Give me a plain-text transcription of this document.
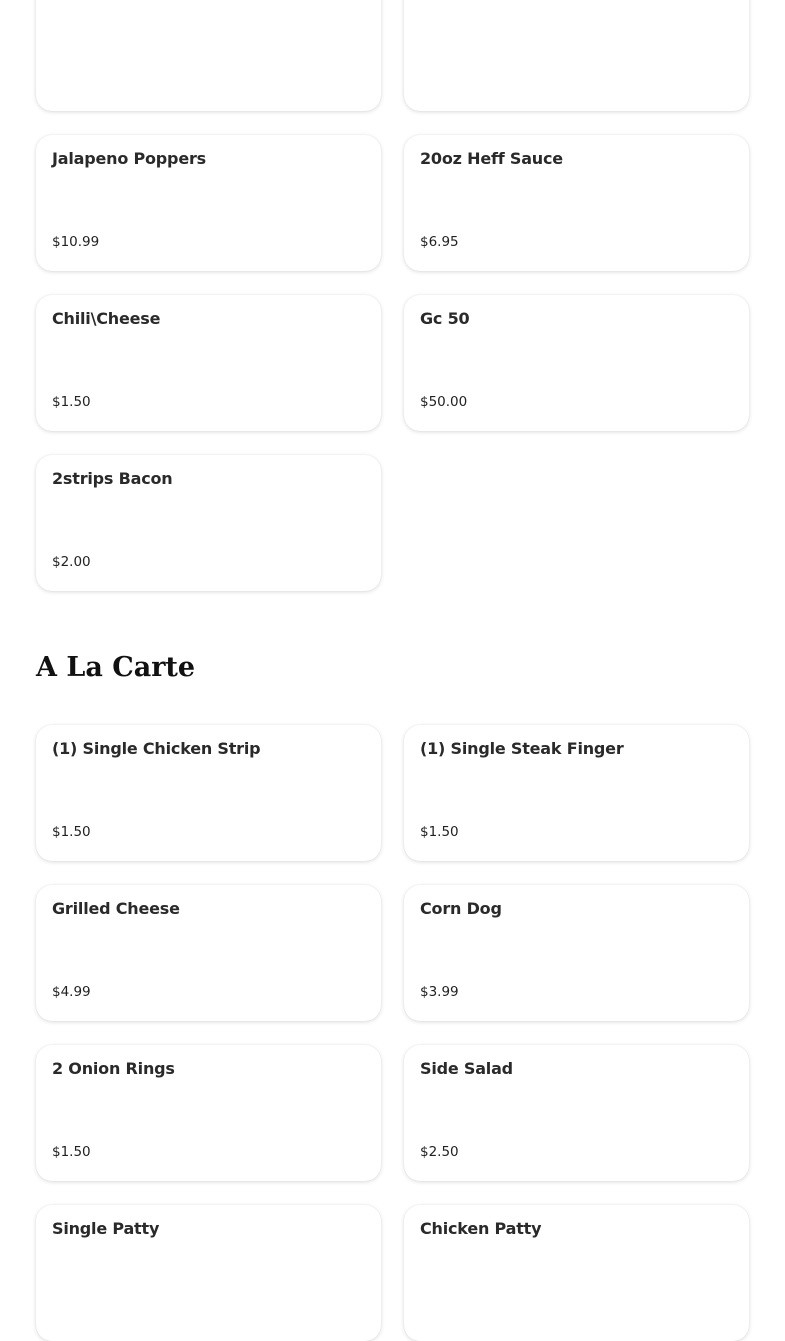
Jalapeno Poppers
$10.99
20oz Heff Sauce
$6.95
Chili\Cheese
$1.50
Gc 50
$50.00
2strips Bacon
$2.00
A La Carte
(1) Single Chicken Strip
$1.50
(1) Single Steak Finger
$1.50
Grilled Cheese
$4.99
Corn Dog
$3.99
2 Onion Rings
$1.50
Side Salad
$2.50
Single Patty	Chicken Patty
